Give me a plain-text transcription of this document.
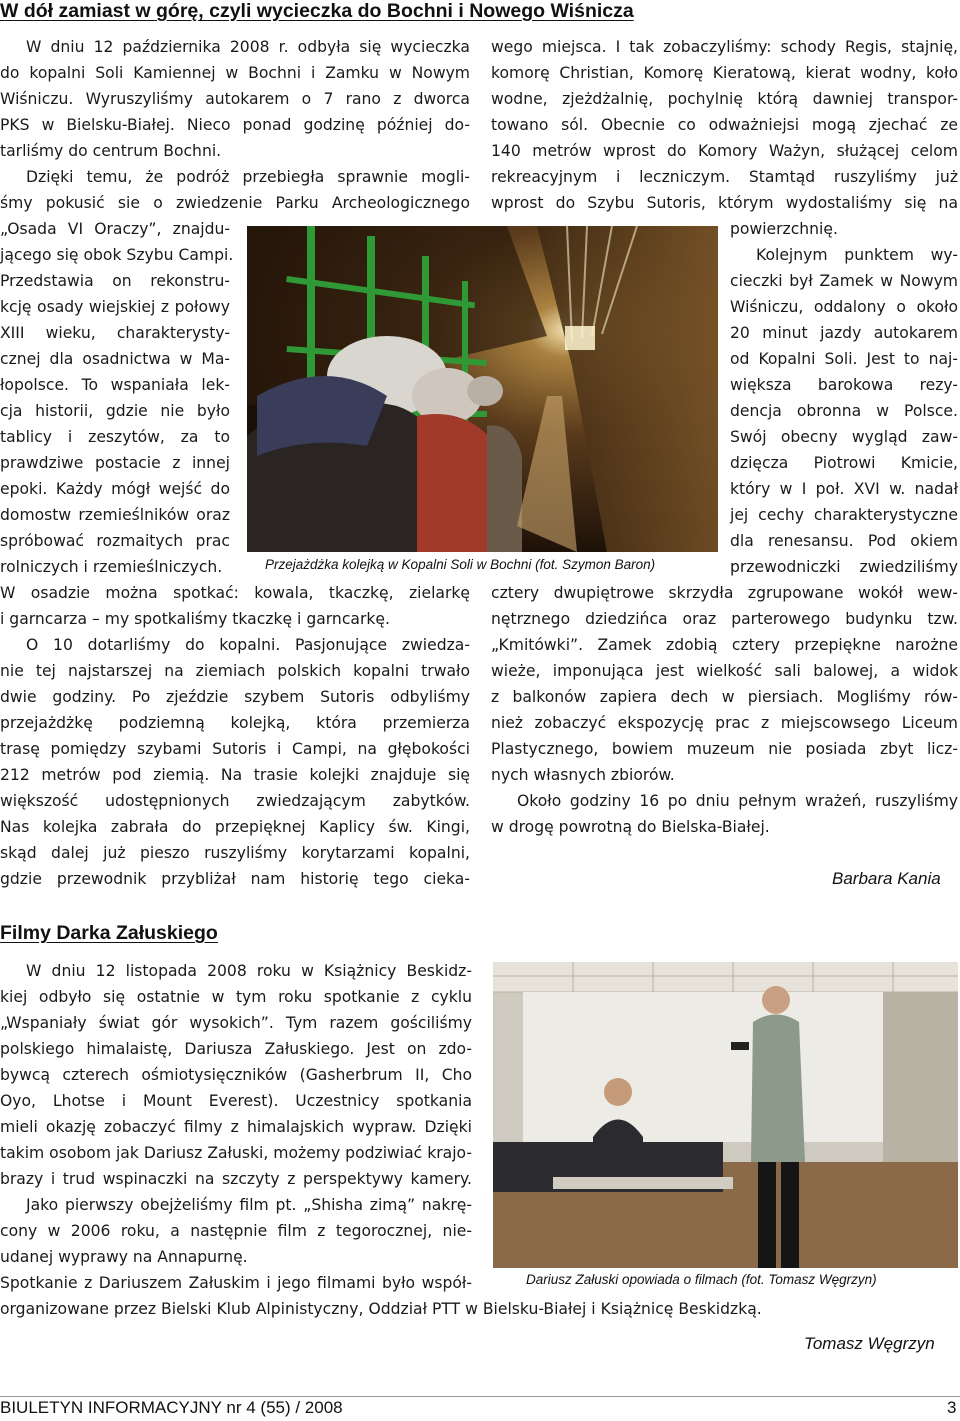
W dół zamiast w górę, czyli wycieczka do Bochni i Nowego Wiśnicza
W dniu 12 października 2008 r. odbyła się wycieczka
do kopalni Soli Kamiennej w Bochni i Zamku w Nowym
Wiśniczu. Wyruszyliśmy autokarem o 7 rano z dworca
PKS w Bielsku-Białej. Nieco ponad godzinę później do-
tarliśmy do centrum Bochni.
Dzięki temu, że podróż przebiegła sprawnie mogli-
śmy pokusić sie o zwiedzenie Parku Archeologicznego
„Osada VI Oraczy”, znajdu-
jącego się obok Szybu Campi.
Przedstawia on rekonstru-
kcję osady wiejskiej z połowy
XIII wieku, charakterysty-
cznej dla osadnictwa w Ma-
łopolsce. To wspaniała lek-
cja historii, gdzie nie było
tablicy i zeszytów, za to
prawdziwe postacie z innej
epoki. Każdy mógł wejść do
domostw rzemieślników oraz
spróbować rozmaitych prac
rolniczych i rzemieślniczych.
W osadzie można spotkać: kowala, tkaczkę, zielarkę
i garncarza – my spotkaliśmy tkaczkę i garncarkę.
O 10 dotarliśmy do kopalni. Pasjonujące zwiedza-
nie tej najstarszej na ziemiach polskich kopalni trwało
dwie godziny. Po zjeździe szybem Sutoris odbyliśmy
przejażdżkę podziemną kolejką, która przemierza
trasę pomiędzy szybami Sutoris i Campi, na głębokości
212 metrów pod ziemią. Na trasie kolejki znajduje się
większość udostępnionych zwiedzającym zabytków.
Nas kolejka zabrała do przepięknej Kaplicy św. Kingi,
skąd dalej już pieszo ruszyliśmy korytarzami kopalni,
gdzie przewodnik przybliżał nam historię tego cieka-
wego miejsca. I tak zobaczyliśmy: schody Regis, stajnię,
komorę Christian, Komorę Kieratową, kierat wodny, koło
wodne, zjeżdżalnię, pochylnię którą dawniej transpor-
towano sól. Obecnie co odważniejsi mogą zjechać ze
140 metrów wprost do Komory Ważyn, służącej celom
rekreacyjnym i leczniczym. Stamtąd ruszyliśmy już
wprost do Szybu Sutoris, którym wydostaliśmy się na
powierzchnię.
Kolejnym punktem wy-
cieczki był Zamek w Nowym
Wiśniczu, oddalony o około
20 minut jazdy autokarem
od Kopalni Soli. Jest to naj-
większa barokowa rezy-
dencja obronna w Polsce.
Swój obecny wygląd zaw-
dzięcza Piotrowi Kmicie,
który w I poł. XVI w. nadał
jej cechy charakterystyczne
dla renesansu. Pod okiem
przewodniczki zwiedziliśmy
cztery dwupiętrowe skrzydła zgrupowane wokół wew-
nętrznego dziedzińca oraz parterowego budynku tzw.
„Kmitówki”. Zamek zdobią cztery przepiękne narożne
wieże, imponująca jest wielkość sali balowej, a widok
z balkonów zapiera dech w piersiach. Mogliśmy rów-
nież zobaczyć ekspozycję prac z miejscowsego Liceum
Plastycznego, bowiem muzeum nie posiada zbyt licz-
nych własnych zbiorów.
Około godziny 16 po dniu pełnym wrażeń, ruszyliśmy
w drogę powrotną do Bielska-Białej.
Przejażdżka kolejką w Kopalni Soli w Bochni (fot. Szymon Baron)
Barbara Kania
Filmy Darka Załuskiego
W dniu 12 listopada 2008 roku w Książnicy Beskidz-
kiej odbyło się ostatnie w tym roku spotkanie z cyklu
„Wspaniały świat gór wysokich”. Tym razem gościliśmy
polskiego himalaistę, Dariusza Załuskiego. Jest on zdo-
bywcą czterech ośmiotysięczników (Gasherbrum II, Cho
Oyo, Lhotse i Mount Everest). Uczestnicy spotkania
mieli okazję zobaczyć filmy z himalajskich wypraw. Dzięki
takim osobom jak Dariusz Załuski, możemy podziwiać krajo-
brazy i trud wspinaczki na szczyty z perspektywy kamery.
Jako pierwszy obejżeliśmy film pt. „Shisha zimą” nakrę-
cony w 2006 roku, a następnie film z tegorocznej, nie-
udanej wyprawy na Annapurnę.
Spotkanie z Dariuszem Załuskim i jego filmami było współ-
organizowane przez Bielski Klub Alpinistyczny, Oddział PTT w Bielsku-Białej i Książnicę Beskidzką.
Dariusz Załuski opowiada o filmach (fot. Tomasz Węgrzyn)
Tomasz Węgrzyn
BIULETYN INFORMACYJNY nr 4 (55) / 2008	3
